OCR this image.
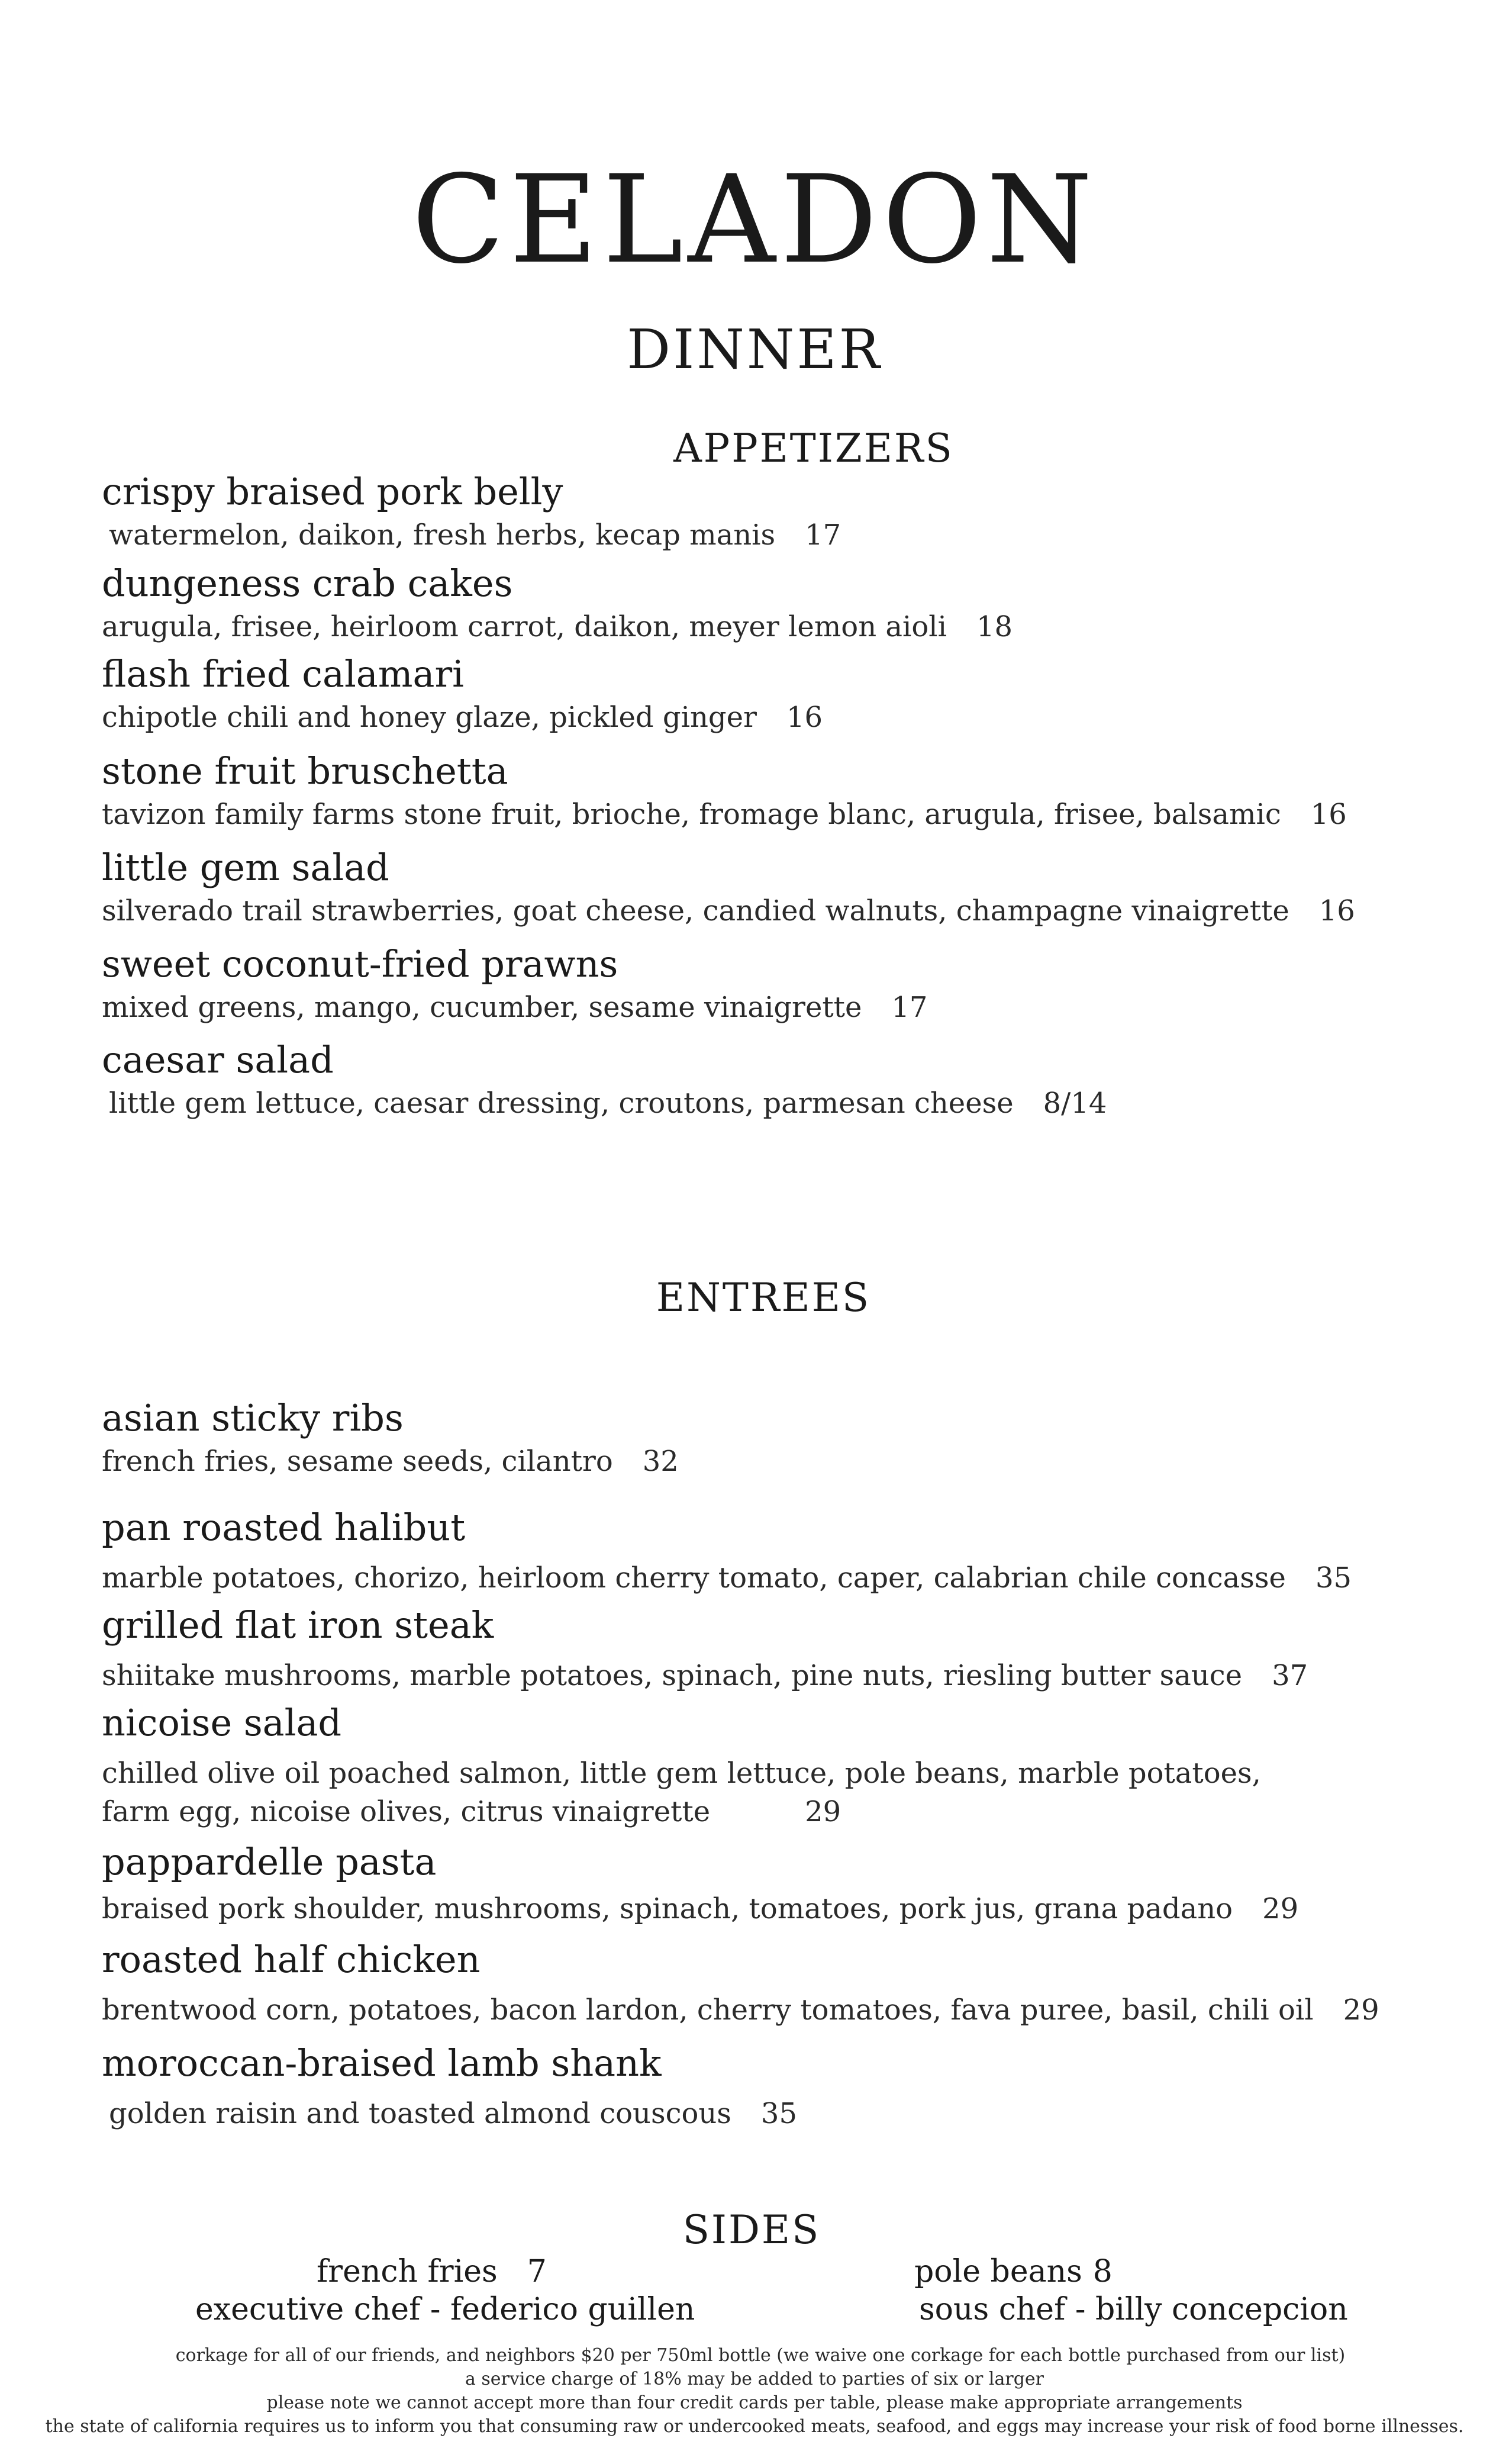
CELADON
DINNER
APPETIZERS
crispy braised pork belly
watermelon, daikon, fresh herbs, kecap manis 17
dungeness crab cakes
arugula, frisee, heirloom carrot, daikon, meyer lemon aioli 18
flash fried calamari
chipotle chili and honey glaze, pickled ginger 16
stone fruit bruschetta
tavizon family farms stone fruit, brioche, fromage blanc, arugula, frisee, balsamic 16
little gem salad
silverado trail strawberries, goat cheese, candied walnuts, champagne vinaigrette 16
sweet coconut-fried prawns
mixed greens, mango, cucumber, sesame vinaigrette 17
caesar salad
little gem lettuce, caesar dressing, croutons, parmesan cheese 8/14
ENTREES
asian sticky ribs
french fries, sesame seeds, cilantro 32
pan roasted halibut
marble potatoes, chorizo, heirloom cherry tomato, caper, calabrian chile concasse 35
grilled flat iron steak
shiitake mushrooms, marble potatoes, spinach, pine nuts, riesling butter sauce 37
nicoise salad
chilled olive oil poached salmon, little gem lettuce, pole beans, marble potatoes,
farm egg, nicoise olives, citrus vinaigrette	29
pappardelle pasta
braised pork shoulder, mushrooms, spinach, tomatoes, pork jus, grana padano 29
roasted half chicken
brentwood corn, potatoes, bacon lardon, cherry tomatoes, fava puree, basil, chili oil 29
moroccan-braised lamb shank
golden raisin and toasted almond couscous 35
SIDES
french fries 7	pole beans 8
executive chef - federico guillen	sous chef - billy concepcion
corkage for all of our friends, and neighbors $20 per 750ml bottle (we waive one corkage for each bottle purchased from our list)
a service charge of 18% may be added to parties of six or larger
please note we cannot accept more than four credit cards per table, please make appropriate arrangements
the state of california requires us to inform you that consuming raw or undercooked meats, seafood, and eggs may increase your risk of food borne illnesses.
